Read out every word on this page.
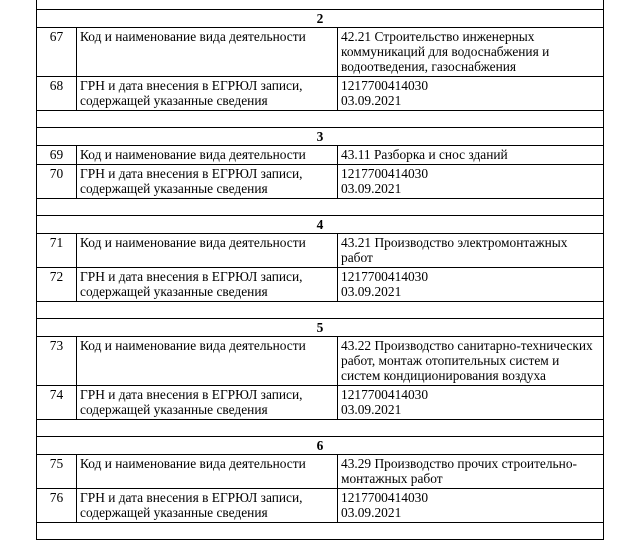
2		
67	Код и наименование вида деятельности	42.21 Строительство инженерных
коммуникаций для водоснабжения и
водоотведения, газоснабжения

68	ГРН и дата внесения в ЕГРЮЛ записи,
содержащей указанные сведения	1217700414030
03.09.2021

3		
69	Код и наименование вида деятельности	43.11 Разборка и снос зданий

70	ГРН и дата внесения в ЕГРЮЛ записи,
содержащей указанные сведения	1217700414030
03.09.2021

4		
71	Код и наименование вида деятельности	43.21 Производство электромонтажных
работ

72	ГРН и дата внесения в ЕГРЮЛ записи,
содержащей указанные сведения	1217700414030
03.09.2021

5		
73	Код и наименование вида деятельности	43.22 Производство санитарно-технических
работ, монтаж отопительных систем и
систем кондиционирования воздуха

74	ГРН и дата внесения в ЕГРЮЛ записи,
содержащей указанные сведения	1217700414030
03.09.2021

6		
75	Код и наименование вида деятельности	43.29 Производство прочих строительно-
монтажных работ

76	ГРН и дата внесения в ЕГРЮЛ записи,
содержащей указанные сведения	1217700414030
03.09.2021
